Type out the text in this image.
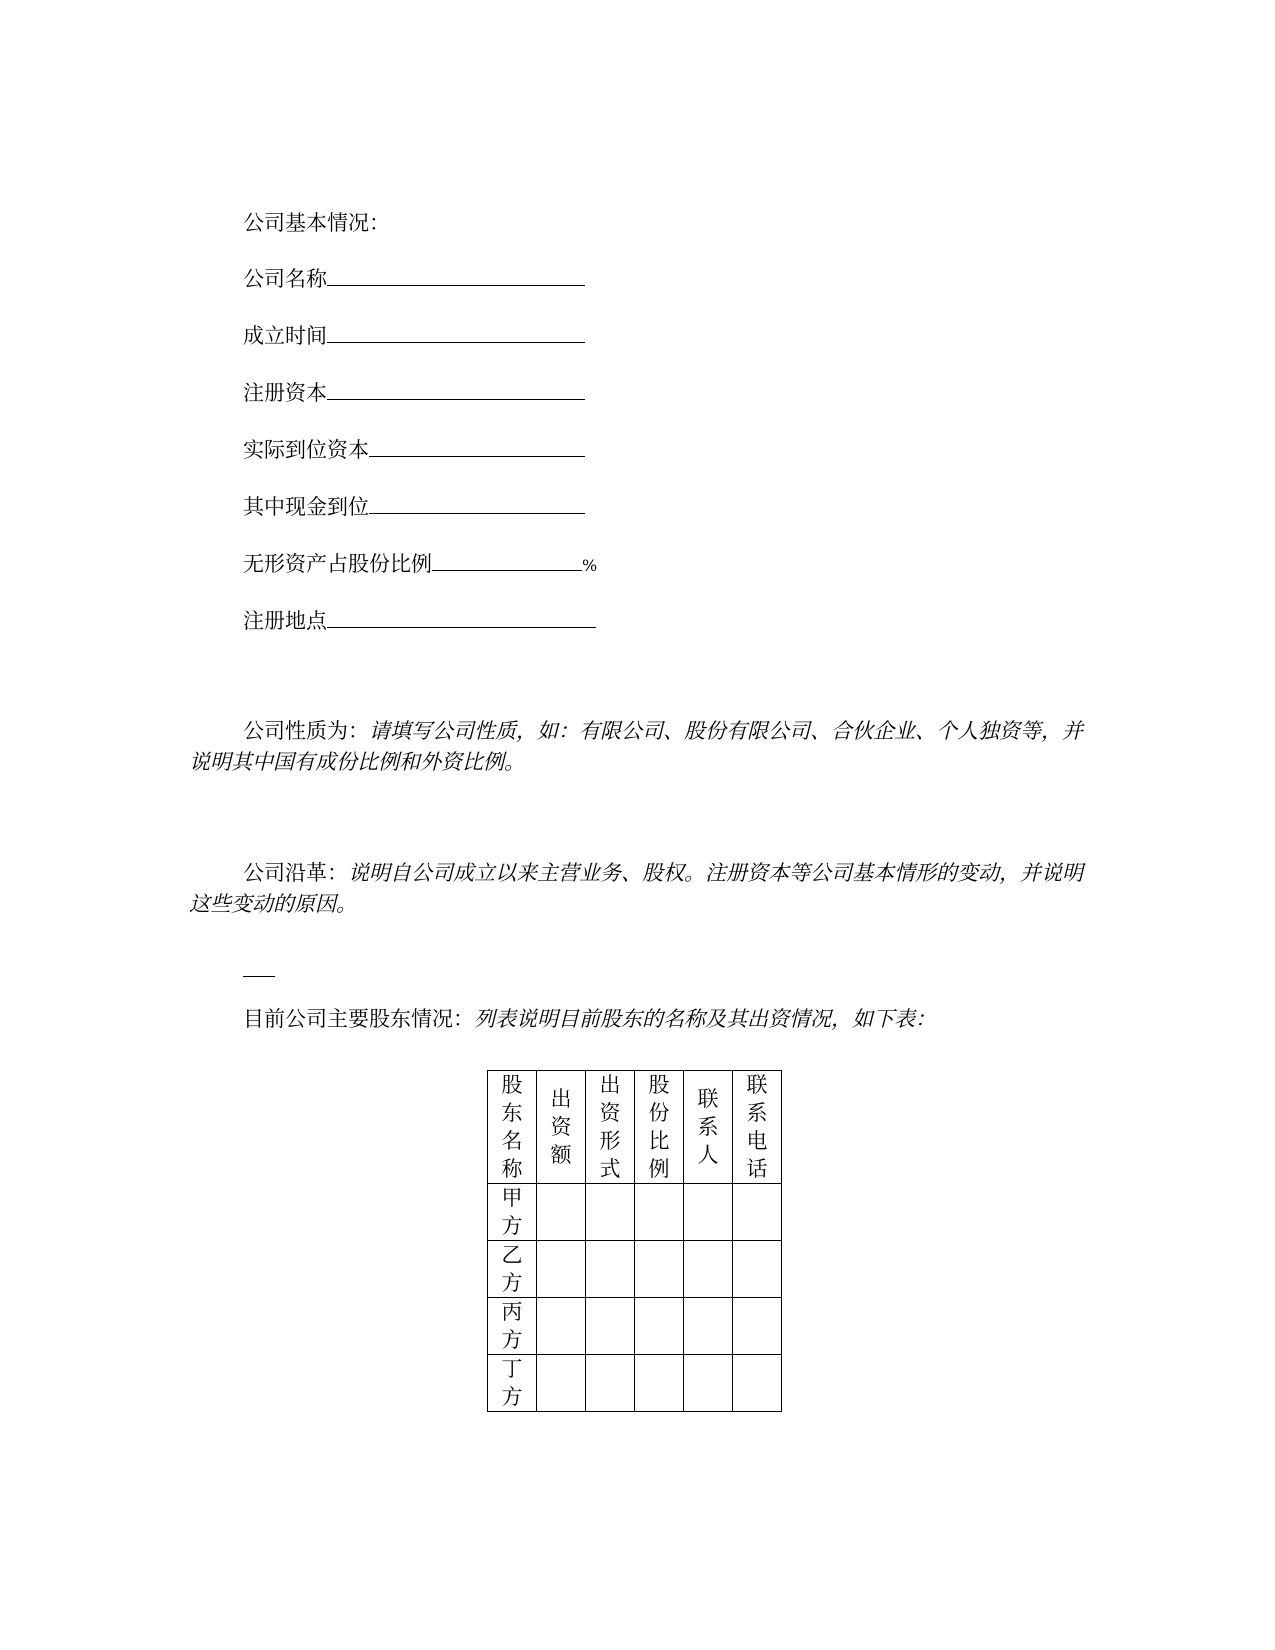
公司基本情况：
公司名称
成立时间
注册资本
实际到位资本
其中现金到位
无形资产占股份比例	%
注册地点
公司性质为：请填写公司性质，如：有限公司、股份有限公司、合伙企业、个人独资等，并说明其中国有成份比例和外资比例。
公司沿革：说明自公司成立以来主营业务、股权。注册资本等公司基本情形的变动，并说明这些变动的原因。
目前公司主要股东情况：列表说明目前股东的名称及其出资情况，如下表：
股东名称	出资额	出资形式	股份比例	联系人	联系电话
甲方					
乙方					
丙方					
丁方					
